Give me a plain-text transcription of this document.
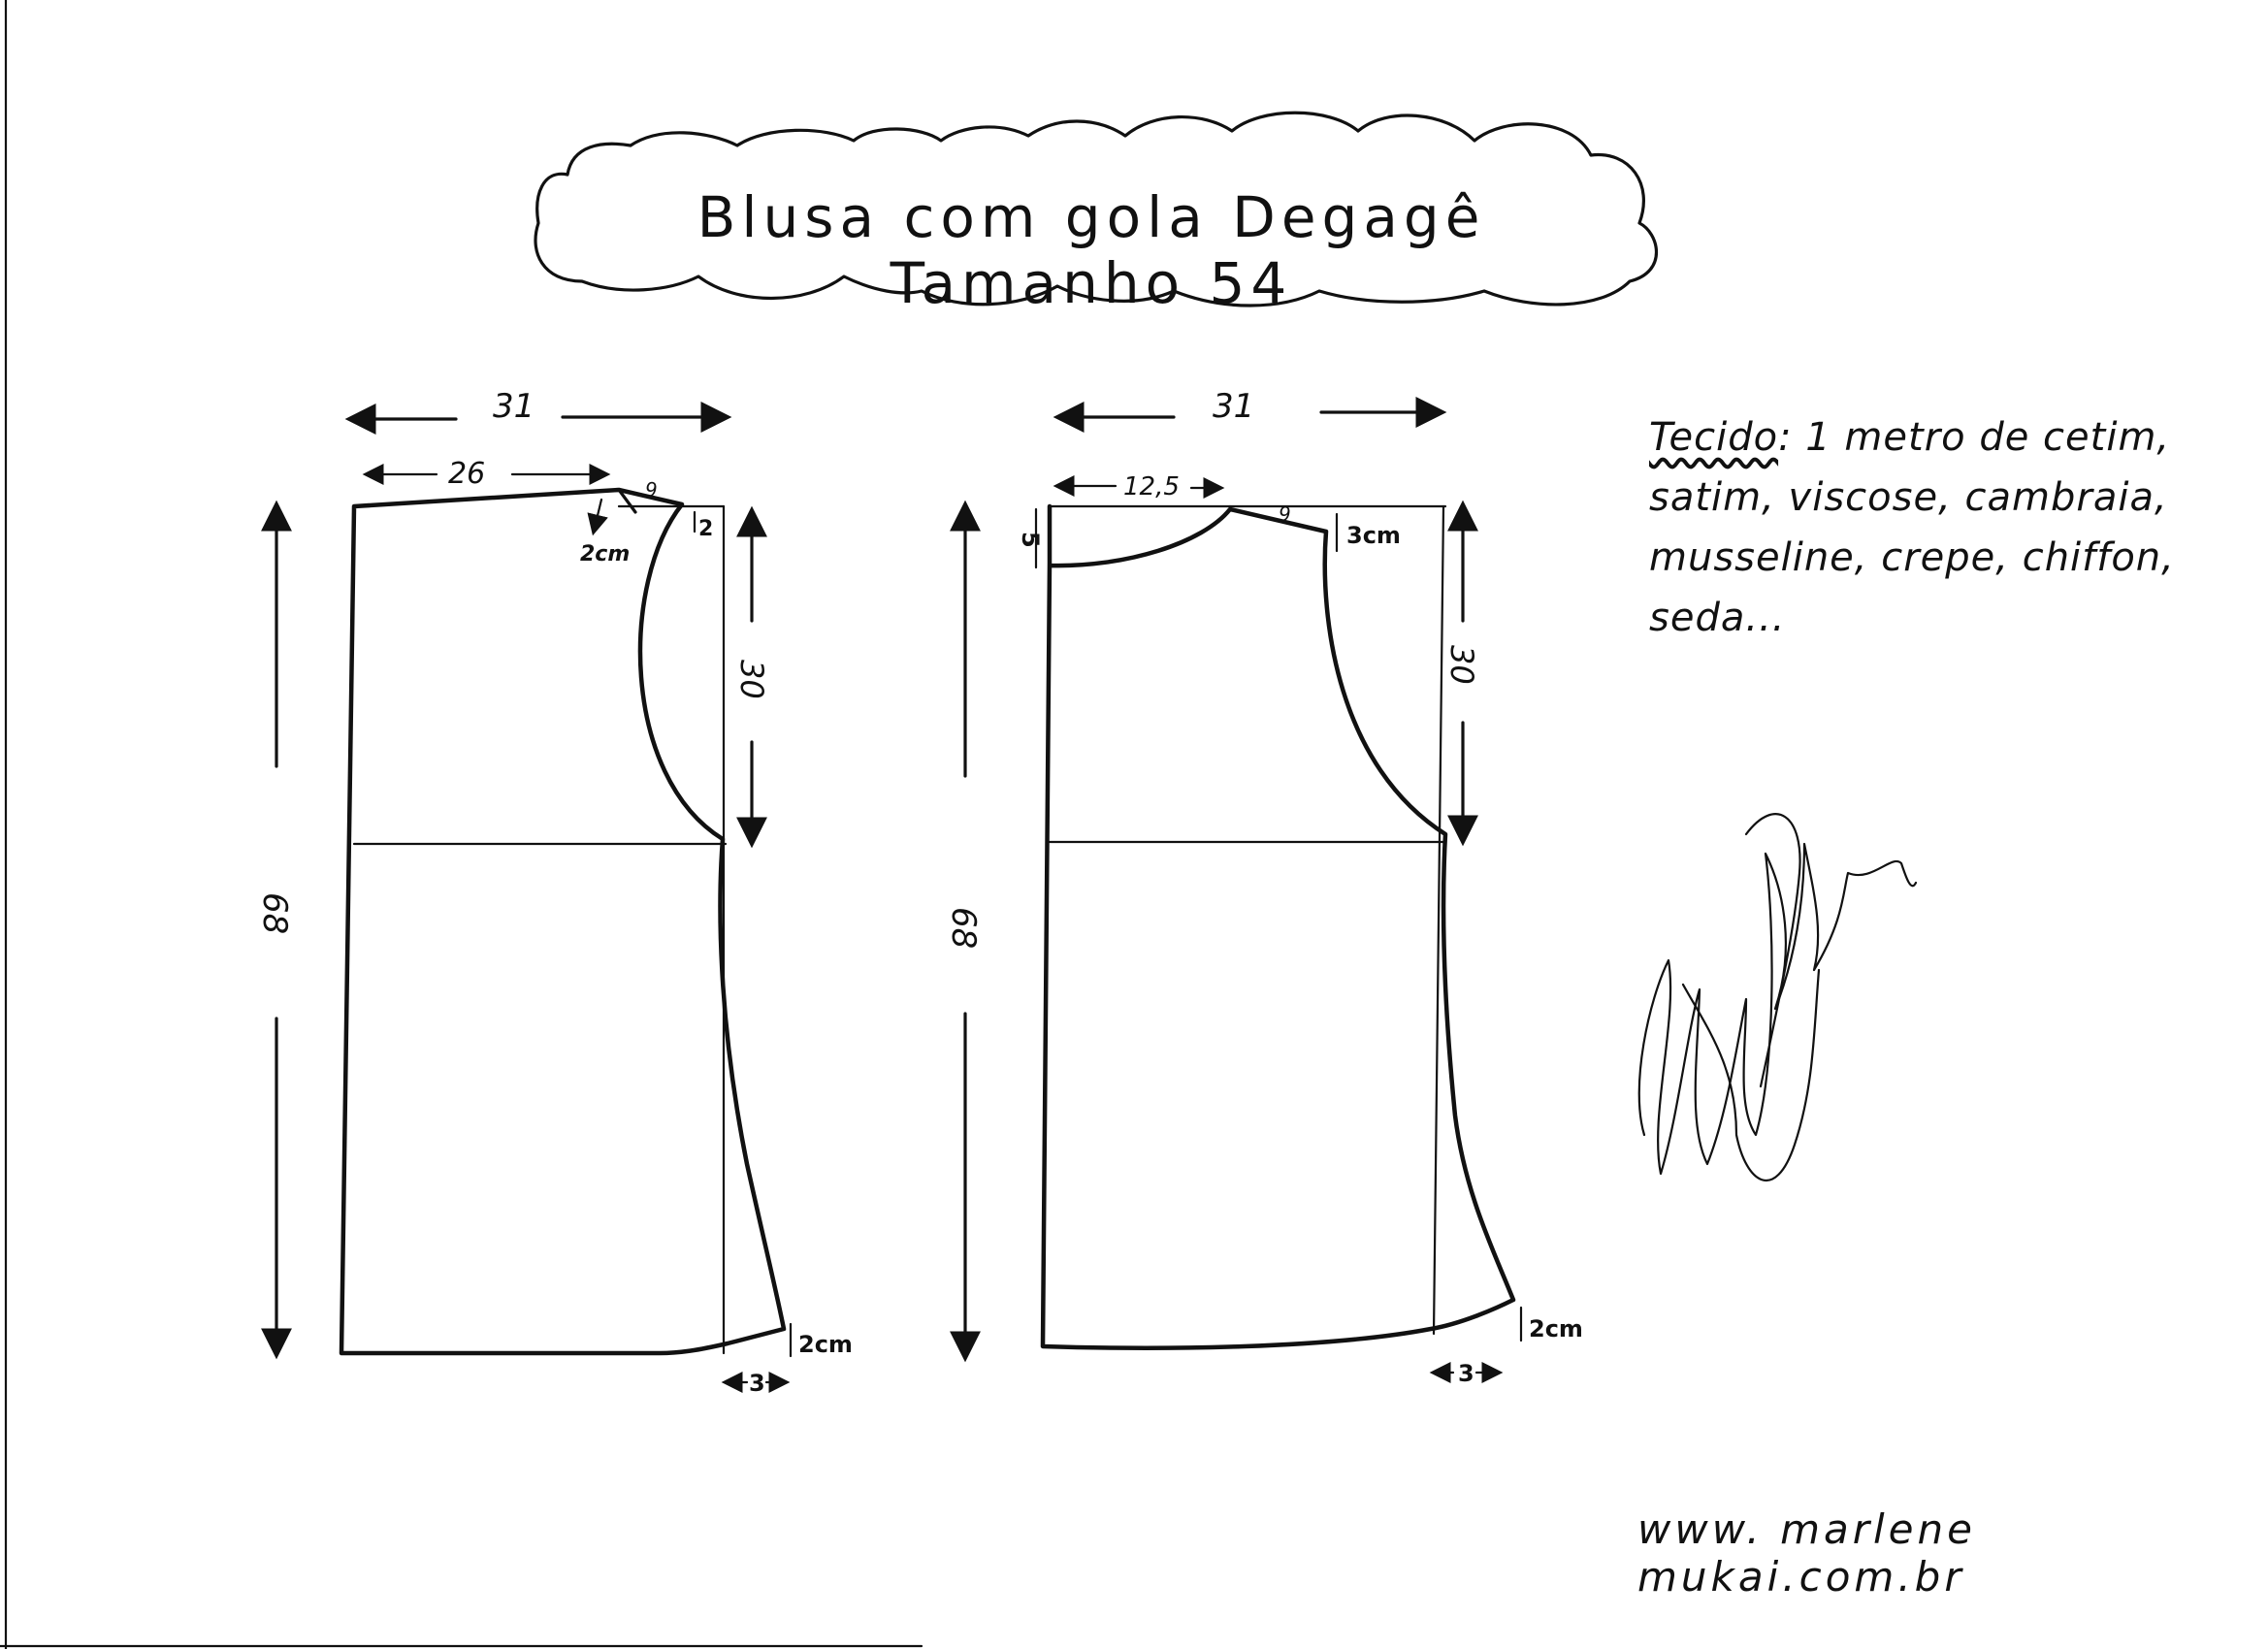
31
26	9
2cm
2
30
68
2cm
3
31
12,5
5
9
3cm
30
68
2cm
3
Blusa com gola Degagê Tamanho 54
Tecido: 1 metro de cetim, satim, viscose, cambraia, musseline, crepe, chiffon, seda...
www. marlene mukai.com.br
